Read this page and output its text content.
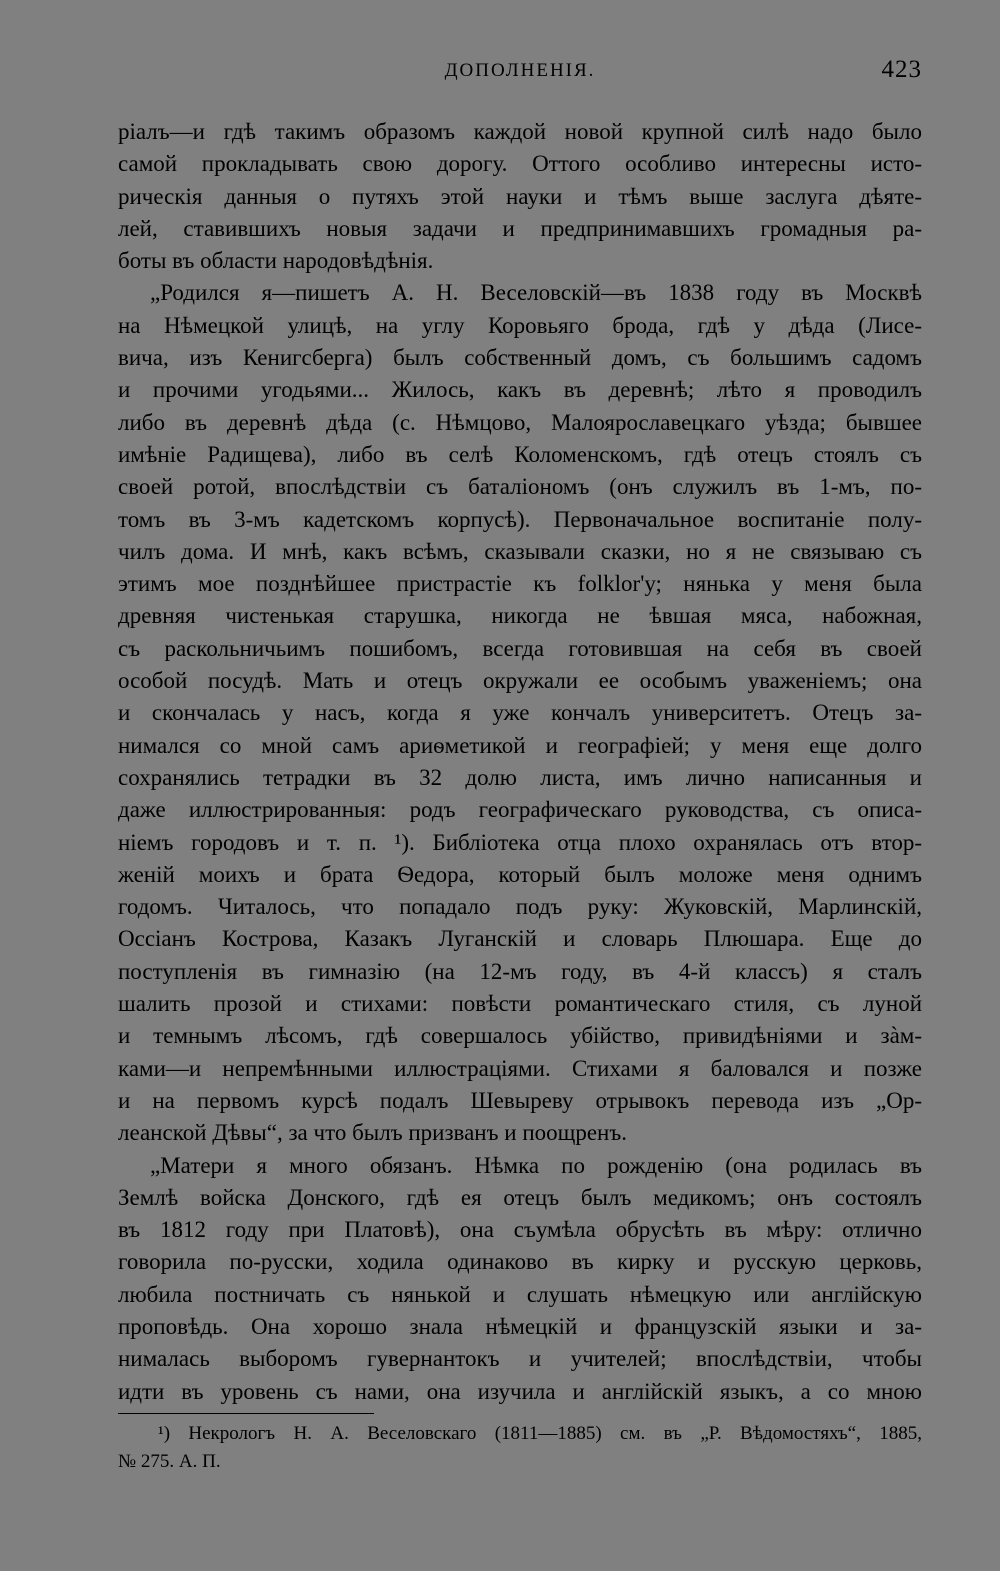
ДОПОЛНЕНIЯ.	423
рiалъ—и гдѣ такимъ образомъ каждой новой крупной силѣ надо было
самой прокладывать свою дорогу. Оттого особливо интересны исто-
рическiя данныя о путяхъ этой науки и тѣмъ выше заслуга дѣяте-
лей, ставившихъ новыя задачи и предпринимавшихъ громадныя ра-
боты въ области народовѣдѣнiя.
„Родился я—пишетъ А. Н. Веселовскiй—въ 1838 году въ Москвѣ
на Нѣмецкой улицѣ, на углу Коровьяго брода, гдѣ у дѣда (Лисе-
вича, изъ Кенигсберга) былъ собственный домъ, съ большимъ садомъ
и прочими угодьями... Жилось, какъ въ деревнѣ; лѣто я проводилъ
либо въ деревнѣ дѣда (с. Нѣмцово, Малоярославецкаго уѣзда; бывшее
имѣнiе Радищева), либо въ селѣ Коломенскомъ, гдѣ отецъ стоялъ съ
своей ротой, впослѣдствiи съ баталiономъ (онъ служилъ въ 1-мъ, по-
томъ въ 3-мъ кадетскомъ корпусѣ). Первоначальное воспитанiе полу-
чилъ дома. И мнѣ, какъ всѣмъ, сказывали сказки, но я не связываю съ
этимъ мое позднѣйшее пристрастiе къ folklor'у; нянька у меня была
древняя чистенькая старушка, никогда не ѣвшая мяса, набожная,
съ раскольничьимъ пошибомъ, всегда готовившая на себя въ своей
особой посудѣ. Мать и отецъ окружали ее особымъ уваженiемъ; она
и скончалась у насъ, когда я уже кончалъ университетъ. Отецъ за-
нимался со мной самъ ариѳметикой и географiей; у меня еще долго
сохранялись тетрадки въ 32 долю листа, имъ лично написанныя и
даже иллюстрированныя: родъ географическаго руководства, съ описа-
нiемъ городовъ и т. п. ¹). Библiотека отца плохо охранялась отъ втор-
женiй моихъ и брата Ѳедора, который былъ моложе меня однимъ
годомъ. Читалось, что попадало подъ руку: Жуковскiй, Марлинскiй,
Оссiанъ Кострова, Казакъ Луганскiй и словарь Плюшара. Еще до
поступленiя въ гимназiю (на 12-мъ году, въ 4-й классъ) я сталъ
шалить прозой и стихами: повѣсти романтическаго стиля, съ луной
и темнымъ лѣсомъ, гдѣ совершалось убiйство, привидѣнiями и зàм-
ками—и непремѣнными иллюстрацiями. Стихами я баловался и позже
и на первомъ курсѣ подалъ Шевыреву отрывокъ перевода изъ „Ор-
леанской Дѣвы“, за что былъ призванъ и поощренъ.
„Матери я много обязанъ. Нѣмка по рожденiю (она родилась въ
Землѣ войска Донского, гдѣ ея отецъ былъ медикомъ; онъ состоялъ
въ 1812 году при Платовѣ), она съумѣла обрусѣть въ мѣру: отлично
говорила по-русски, ходила одинаково въ кирку и русскую церковь,
любила постничать съ нянькой и слушать нѣмецкую или англiйскую
проповѣдь. Она хорошо знала нѣмецкiй и французскiй языки и за-
нималась выборомъ гувернантокъ и учителей; впослѣдствiи, чтобы
идти въ уровень съ нами, она изучила и англiйскiй языкъ, а со мною
¹) Некрологъ Н. А. Веселовскаго (1811—1885) см. въ „Р. Вѣдомостяхъ“, 1885,
№ 275. А. П.
